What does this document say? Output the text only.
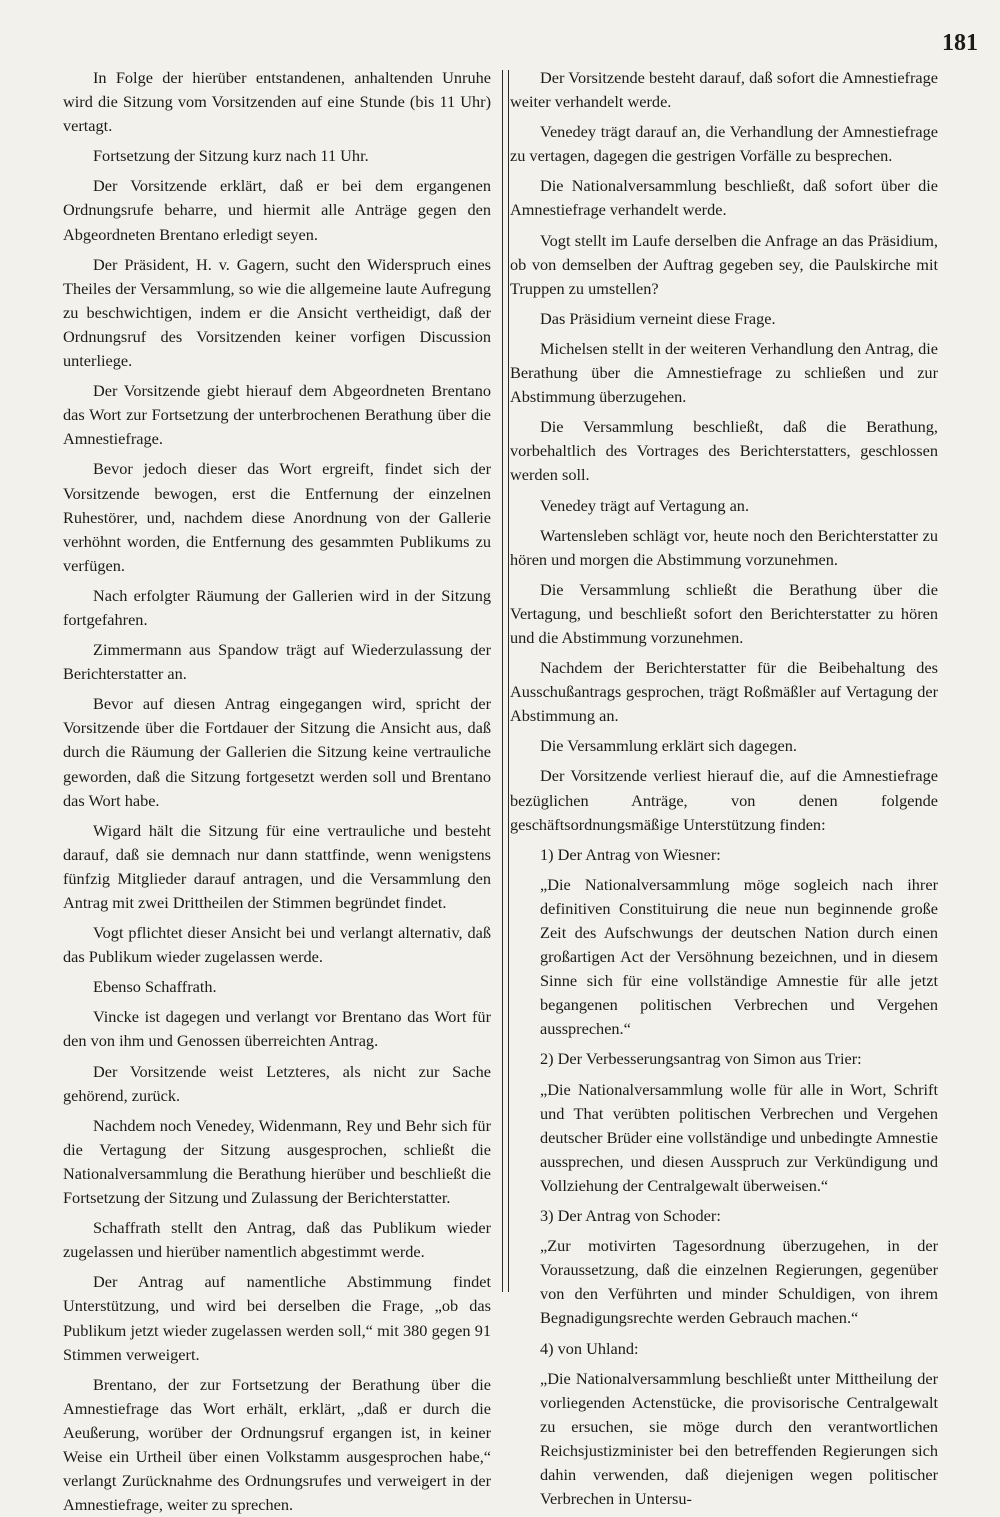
181

In Folge der hierüber entstandenen, anhaltenden Unruhe wird die Sitzung vom Vorsitzenden auf eine Stunde (bis 11 Uhr) vertagt.

Fortsetzung der Sitzung kurz nach 11 Uhr.

Der Vorsitzende erklärt, daß er bei dem ergangenen Ordnungsrufe beharre, und hiermit alle Anträge gegen den Abgeordneten Brentano erledigt seyen.

Der Präsident, H. v. Gagern, sucht den Widerspruch eines Theiles der Versammlung, so wie die allgemeine laute Aufregung zu beschwichtigen, indem er die Ansicht vertheidigt, daß der Ordnungsruf des Vorsitzenden keiner vorfigen Discussion unterliege.

Der Vorsitzende giebt hierauf dem Abgeordneten Brentano das Wort zur Fortsetzung der unterbrochenen Berathung über die Amnestiefrage.

Bevor jedoch dieser das Wort ergreift, findet sich der Vorsitzende bewogen, erst die Entfernung der einzelnen Ruhestörer, und, nachdem diese Anordnung von der Gallerie verhöhnt worden, die Entfernung des gesammten Publikums zu verfügen.

Nach erfolgter Räumung der Gallerien wird in der Sitzung fortgefahren.

Zimmermann aus Spandow trägt auf Wiederzulassung der Berichterstatter an.

Bevor auf diesen Antrag eingegangen wird, spricht der Vorsitzende über die Fortdauer der Sitzung die Ansicht aus, daß durch die Räumung der Gallerien die Sitzung keine vertrauliche geworden, daß die Sitzung fortgesetzt werden soll und Brentano das Wort habe.

Wigard hält die Sitzung für eine vertrauliche und besteht darauf, daß sie demnach nur dann stattfinde, wenn wenigstens fünfzig Mitglieder darauf antragen, und die Versammlung den Antrag mit zwei Drittheilen der Stimmen begründet findet.

Vogt pflichtet dieser Ansicht bei und verlangt alternativ, daß das Publikum wieder zugelassen werde.

Ebenso Schaffrath.

Vincke ist dagegen und verlangt vor Brentano das Wort für den von ihm und Genossen überreichten Antrag.

Der Vorsitzende weist Letzteres, als nicht zur Sache gehörend, zurück.

Nachdem noch Venedey, Widenmann, Rey und Behr sich für die Vertagung der Sitzung ausgesprochen, schließt die Nationalversammlung die Berathung hierüber und beschließt die Fortsetzung der Sitzung und Zulassung der Berichterstatter.

Schaffrath stellt den Antrag, daß das Publikum wieder zugelassen und hierüber namentlich abgestimmt werde.

Der Antrag auf namentliche Abstimmung findet Unterstützung, und wird bei derselben die Frage, „ob das Publikum jetzt wieder zugelassen werden soll,“ mit 380 gegen 91 Stimmen verweigert.

Brentano, der zur Fortsetzung der Berathung über die Amnestiefrage das Wort erhält, erklärt, „daß er durch die Aeußerung, worüber der Ordnungsruf ergangen ist, in keiner Weise ein Urtheil über einen Volkstamm ausgesprochen habe,“ verlangt Zurücknahme des Ordnungsrufes und verweigert in der Amnestiefrage, weiter zu sprechen.

Der Vorsitzende besteht darauf, daß sofort die Amnestiefrage weiter verhandelt werde.

Venedey trägt darauf an, die Verhandlung der Amnestiefrage zu vertagen, dagegen die gestrigen Vorfälle zu besprechen.

Die Nationalversammlung beschließt, daß sofort über die Amnestiefrage verhandelt werde.

Vogt stellt im Laufe derselben die Anfrage an das Präsidium, ob von demselben der Auftrag gegeben sey, die Paulskirche mit Truppen zu umstellen?

Das Präsidium verneint diese Frage.

Michelsen stellt in der weiteren Verhandlung den Antrag, die Berathung über die Amnestiefrage zu schließen und zur Abstimmung überzugehen.

Die Versammlung beschließt, daß die Berathung, vorbehaltlich des Vortrages des Berichterstatters, geschlossen werden soll.

Venedey trägt auf Vertagung an.

Wartensleben schlägt vor, heute noch den Berichterstatter zu hören und morgen die Abstimmung vorzunehmen.

Die Versammlung schließt die Berathung über die Vertagung, und beschließt sofort den Berichterstatter zu hören und die Abstimmung vorzunehmen.

Nachdem der Berichterstatter für die Beibehaltung des Ausschußantrags gesprochen, trägt Roßmäßler auf Vertagung der Abstimmung an.

Die Versammlung erklärt sich dagegen.

Der Vorsitzende verliest hierauf die, auf die Amnestiefrage bezüglichen Anträge, von denen folgende geschäftsordnungsmäßige Unterstützung finden:

1) Der Antrag von Wiesner:

„Die Nationalversammlung möge sogleich nach ihrer definitiven Constituirung die neue nun beginnende große Zeit des Aufschwungs der deutschen Nation durch einen großartigen Act der Versöhnung bezeichnen, und in diesem Sinne sich für eine vollständige Amnestie für alle jetzt begangenen politischen Verbrechen und Vergehen aussprechen.“

2) Der Verbesserungsantrag von Simon aus Trier:

„Die Nationalversammlung wolle für alle in Wort, Schrift und That verübten politischen Verbrechen und Vergehen deutscher Brüder eine vollständige und unbedingte Amnestie aussprechen, und diesen Ausspruch zur Verkündigung und Vollziehung der Centralgewalt überweisen.“

3) Der Antrag von Schoder:

„Zur motivirten Tagesordnung überzugehen, in der Voraussetzung, daß die einzelnen Regierungen, gegenüber von den Verführten und minder Schuldigen, von ihrem Begnadigungsrechte werden Gebrauch machen.“

4) von Uhland:

„Die Nationalversammlung beschließt unter Mittheilung der vorliegenden Actenstücke, die provisorische Centralgewalt zu ersuchen, sie möge durch den verantwortlichen Reichsjustizminister bei den betreffenden Regierungen sich dahin verwenden, daß diejenigen wegen politischer Verbrechen in Untersu-
